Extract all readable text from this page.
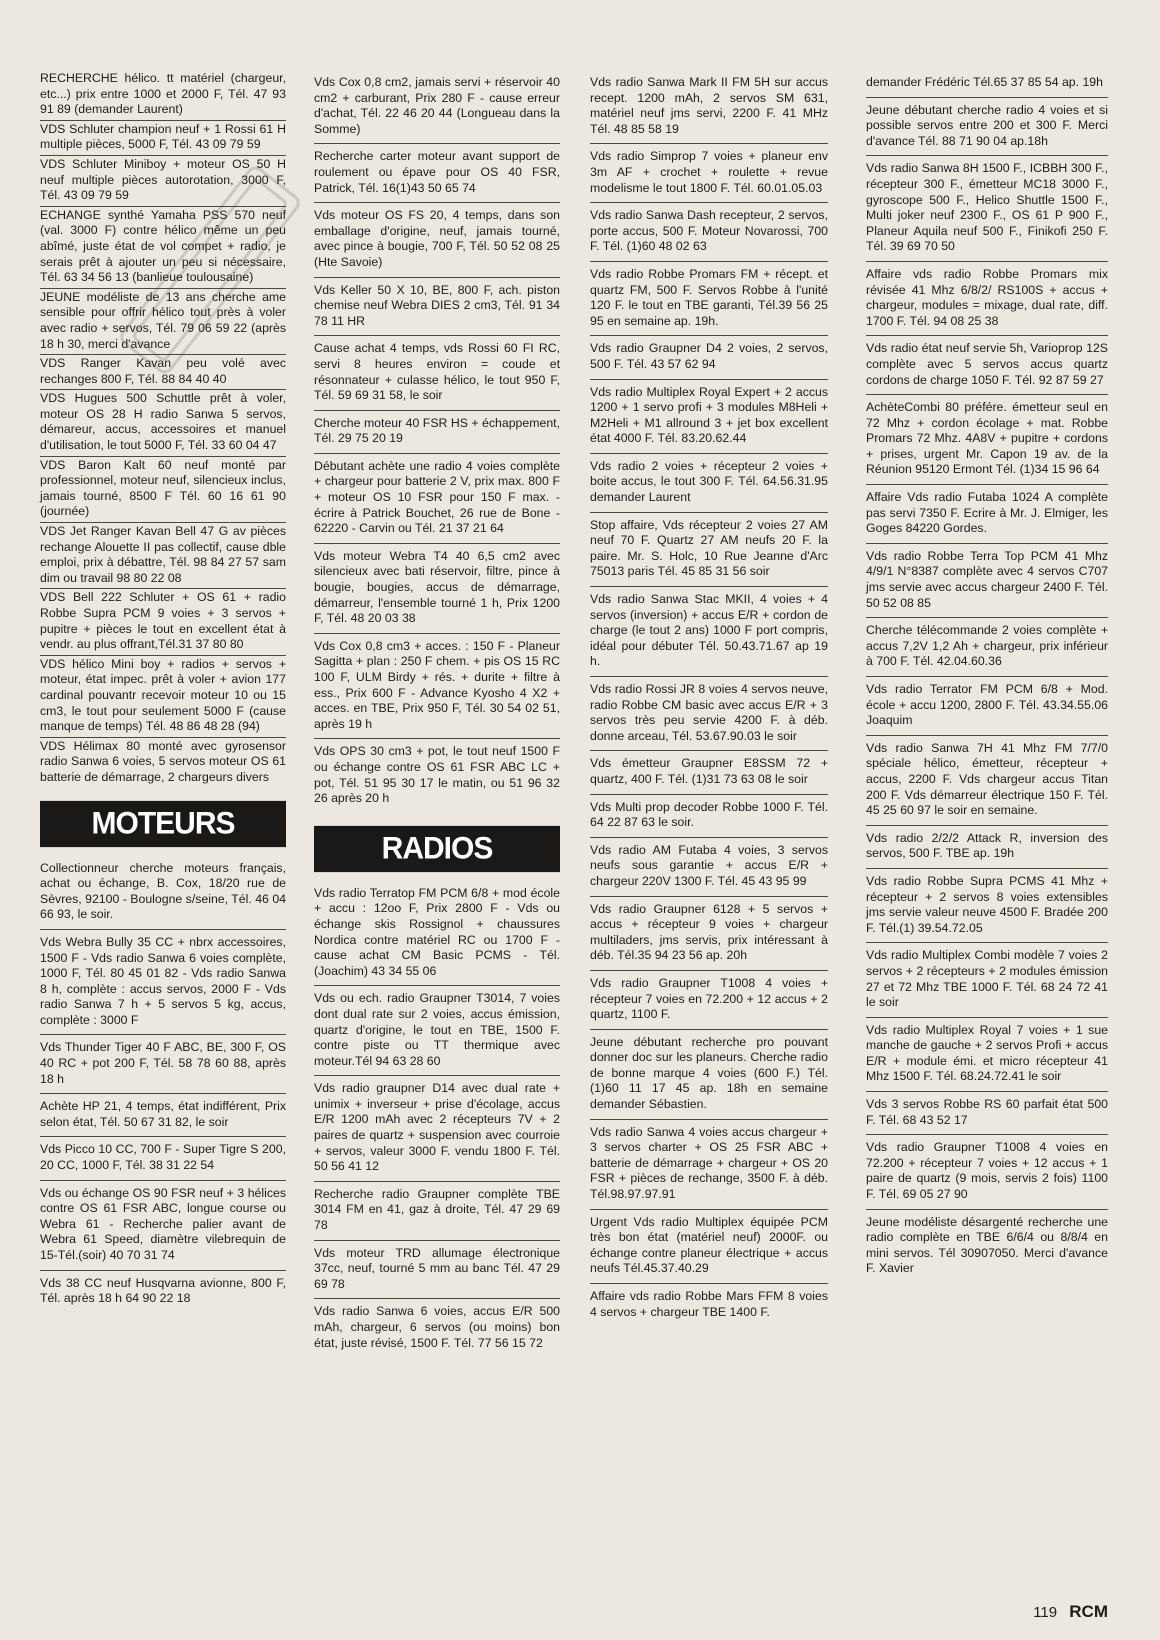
RECHERCHE hélico. tt matériel (chargeur, etc...) prix entre 1000 et 2000 F, Tél. 47 93 91 89 (demander Laurent)
VDS Schluter champion neuf + 1 Rossi 61 H multiple pièces, 5000 F, Tél. 43 09 79 59
VDS Schluter Miniboy + moteur OS 50 H neuf multiple pièces autorotation, 3000 F, Tél. 43 09 79 59
ECHANGE synthé Yamaha PSS 570 neuf (val. 3000 F) contre hélico même un peu abîmé, juste état de vol compet + radio, je serais prêt à ajouter un peu si nécessaire, Tél. 63 34 56 13 (banlieue toulousaine)
JEUNE modéliste de 13 ans cherche ame sensible pour offrir hélico tout près à voler avec radio + servos, Tél. 79 06 59 22 (après 18 h 30, merci d'avance
VDS Ranger Kavan peu volé avec rechanges 800 F, Tél. 88 84 40 40
VDS Hugues 500 Schuttle prêt à voler, moteur OS 28 H radio Sanwa 5 servos, démareur, accus, accessoires et manuel d'utilisation, le tout 5000 F, Tél. 33 60 04 47
VDS Baron Kalt 60 neuf monté par professionnel, moteur neuf, silencieux inclus, jamais tourné, 8500 F Tél. 60 16 61 90 (journée)
VDS Jet Ranger Kavan Bell 47 G av pièces rechange Alouette II pas collectif, cause dble emploi, prix à débattre, Tél. 98 84 27 57 sam dim ou travail 98 80 22 08
VDS Bell 222 Schluter + OS 61 + radio Robbe Supra PCM 9 voies + 3 servos + pupitre + pièces le tout en excellent état à vendr. au plus offrant,Tél.31 37 80 80
VDS hélico Mini boy + radios + servos + moteur, état impec. prêt à voler + avion 177 cardinal pouvantr recevoir moteur 10 ou 15 cm3, le tout pour seulement 5000 F (cause manque de temps) Tél. 48 86 48 28 (94)
VDS Hélimax 80 monté avec gyrosensor radio Sanwa 6 voies, 5 servos moteur OS 61 batterie de démarrage, 2 chargeurs divers
MOTEURS
Collectionneur cherche moteurs français, achat ou échange, B. Cox, 18/20 rue de Sèvres, 92100 - Boulogne s/seine, Tél. 46 04 66 93, le soir.
Vds Webra Bully 35 CC + nbrx accessoires, 1500 F - Vds radio Sanwa 6 voies complète, 1000 F, Tél. 80 45 01 82 - Vds radio Sanwa 8 h, complète : accus servos, 2000 F - Vds radio Sanwa 7 h + 5 servos 5 kg, accus, complète : 3000 F
Vds Thunder Tiger 40 F ABC, BE, 300 F, OS 40 RC + pot 200 F, Tél. 58 78 60 88, après 18 h
Achète HP 21, 4 temps, état indifférent, Prix selon état, Tél. 50 67 31 82, le soir
Vds Picco 10 CC, 700 F - Super Tigre S 200, 20 CC, 1000 F, Tél. 38 31 22 54
Vds ou échange OS 90 FSR neuf + 3 hélices contre OS 61 FSR ABC, longue course ou Webra 61 - Recherche palier avant de Webra 61 Speed, diamètre vilebrequin de 15-Tél.(soir) 40 70 31 74
Vds 38 CC neuf Husqvarna avionne, 800 F, Tél. après 18 h 64 90 22 18
Vds Cox 0,8 cm2, jamais servi + réservoir 40 cm2 + carburant, Prix 280 F - cause erreur d'achat, Tél. 22 46 20 44 (Longueau dans la Somme)
Recherche carter moteur avant support de roulement ou épave pour OS 40 FSR, Patrick, Tél. 16(1)43 50 65 74
Vds moteur OS FS 20, 4 temps, dans son emballage d'origine, neuf, jamais tourné, avec pince à bougie, 700 F, Tél. 50 52 08 25 (Hte Savoie)
Vds Keller 50 X 10, BE, 800 F, ach. piston chemise neuf Webra DIES 2 cm3, Tél. 91 34 78 11 HR
Cause achat 4 temps, vds Rossi 60 FI RC, servi 8 heures environ = coude et résonnateur + culasse hélico, le tout 950 F, Tél. 59 69 31 58, le soir
Cherche moteur 40 FSR HS + échappement, Tél. 29 75 20 19
Débutant achète une radio 4 voies complète + chargeur pour batterie 2 V, prix max. 800 F + moteur OS 10 FSR pour 150 F max. - écrire à Patrick Bouchet, 26 rue de Bone - 62220 - Carvin ou Tél. 21 37 21 64
Vds moteur Webra T4 40 6,5 cm2 avec silencieux avec bati réservoir, filtre, pince à bougie, bougies, accus de démarrage, démarreur, l'ensemble tourné 1 h, Prix 1200 F, Tél. 48 20 03 38
Vds Cox 0,8 cm3 + acces. : 150 F - Planeur Sagitta + plan : 250 F chem. + pis OS 15 RC 100 F, ULM Birdy + rés. + durite + filtre à ess., Prix 600 F - Advance Kyosho 4 X2 + acces. en TBE, Prix 950 F, Tél. 30 54 02 51, après 19 h
Vds OPS 30 cm3 + pot, le tout neuf 1500 F ou échange contre OS 61 FSR ABC LC + pot, Tél. 51 95 30 17 le matin, ou 51 96 32 26 après 20 h
RADIOS
Vds radio Terratop FM PCM 6/8 + mod école + accu : 12oo F, Prix 2800 F - Vds ou échange skis Rossignol + chaussures Nordica contre matériel RC ou 1700 F - cause achat CM Basic PCMS - Tél. (Joachim) 43 34 55 06
Vds ou ech. radio Graupner T3014, 7 voies dont dual rate sur 2 voies, accus émission, quartz d'origine, le tout en TBE, 1500 F. contre piste ou TT thermique avec moteur.Tél 94 63 28 60
Vds radio graupner D14 avec dual rate + unimix + inverseur + prise d'écolage, accus E/R 1200 mAh avec 2 récepteurs 7V + 2 paires de quartz + suspension avec courroie + servos, valeur 3000 F. vendu 1800 F. Tél. 50 56 41 12
Recherche radio Graupner complète TBE 3014 FM en 41, gaz à droite, Tél. 47 29 69 78
Vds moteur TRD allumage électronique 37cc, neuf, tourné 5 mm au banc Tél. 47 29 69 78
Vds radio Sanwa 6 voies, accus E/R 500 mAh, chargeur, 6 servos (ou moins) bon état, juste révisé, 1500 F. Tél. 77 56 15 72
Vds radio Sanwa Mark II FM 5H sur accus recept. 1200 mAh, 2 servos SM 631, matériel neuf jms servi, 2200 F. 41 MHz Tél. 48 85 58 19
Vds radio Simprop 7 voies + planeur env 3m AF + crochet + roulette + revue modelisme le tout 1800 F. Tél. 60.01.05.03
Vds radio Sanwa Dash recepteur, 2 servos, porte accus, 500 F. Moteur Novarossi, 700 F. Tél. (1)60 48 02 63
Vds radio Robbe Promars FM + récept. et quartz FM, 500 F. Servos Robbe à l'unité 120 F. le tout en TBE garanti, Tél.39 56 25 95 en semaine ap. 19h.
Vds radio Graupner D4 2 voies, 2 servos, 500 F. Tél. 43 57 62 94
Vds radio Multiplex Royal Expert + 2 accus 1200 + 1 servo profi + 3 modules M8Heli + M2Heli + M1 allround 3 + jet box excellent état 4000 F. Tél. 83.20.62.44
Vds radio 2 voies + récepteur 2 voies + boite accus, le tout 300 F. Tél. 64.56.31.95 demander Laurent
Stop affaire, Vds récepteur 2 voies 27 AM neuf 70 F. Quartz 27 AM neufs 20 F. la paire. Mr. S. Holc, 10 Rue Jeanne d'Arc 75013 paris Tél. 45 85 31 56 soir
Vds radio Sanwa Stac MKII, 4 voies + 4 servos (inversion) + accus E/R + cordon de charge (le tout 2 ans) 1000 F port compris, idéal pour débuter Tél. 50.43.71.67 ap 19 h.
Vds radio Rossi JR 8 voies 4 servos neuve, radio Robbe CM basic avec accus E/R + 3 servos très peu servie 4200 F. à déb. donne arceau, Tél. 53.67.90.03 le soir
Vds émetteur Graupner E8SSM 72 + quartz, 400 F. Tél. (1)31 73 63 08 le soir
Vds Multi prop decoder Robbe 1000 F. Tél. 64 22 87 63 le soir.
Vds radio AM Futaba 4 voies, 3 servos neufs sous garantie + accus E/R + chargeur 220V 1300 F. Tél. 45 43 95 99
Vds radio Graupner 6128 + 5 servos + accus + récepteur 9 voies + chargeur multiladers, jms servis, prix intéressant à déb. Tél.35 94 23 56 ap. 20h
Vds radio Graupner T1008 4 voies + récepteur 7 voies en 72.200 + 12 accus + 2 quartz, 1100 F.
Jeune débutant recherche pro pouvant donner doc sur les planeurs. Cherche radio de bonne marque 4 voies (600 F.) Tél. (1)60 11 17 45 ap. 18h en semaine demander Sébastien.
Vds radio Sanwa 4 voies accus chargeur + 3 servos charter + OS 25 FSR ABC + batterie de démarrage + chargeur + OS 20 FSR + pièces de rechange, 3500 F. à déb. Tél.98.97.97.91
Urgent Vds radio Multiplex équipée PCM très bon état (matériel neuf) 2000F. ou échange contre planeur électrique + accus neufs Tél.45.37.40.29
Affaire vds radio Robbe Mars FFM 8 voies 4 servos + chargeur TBE 1400 F.
demander Frédéric Tél.65 37 85 54 ap. 19h
Jeune débutant cherche radio 4 voies et si possible servos entre 200 et 300 F. Merci d'avance Tél. 88 71 90 04 ap.18h
Vds radio Sanwa 8H 1500 F., ICBBH 300 F., récepteur 300 F., émetteur MC18 3000 F., gyroscope 500 F., Helico Shuttle 1500 F., Multi joker neuf 2300 F., OS 61 P 900 F., Planeur Aquila neuf 500 F., Finikofi 250 F. Tél. 39 69 70 50
Affaire vds radio Robbe Promars mix révisée 41 Mhz 6/8/2/ RS100S + accus + chargeur, modules = mixage, dual rate, diff. 1700 F. Tél. 94 08 25 38
Vds radio état neuf servie 5h, Varioprop 12S complète avec 5 servos accus quartz cordons de charge 1050 F. Tél. 92 87 59 27
AchèteCombi 80 préfére. émetteur seul en 72 Mhz + cordon écolage + mat. Robbe Promars 72 Mhz. 4A8V + pupitre + cordons + prises, urgent Mr. Capon 19 av. de la Réunion 95120 Ermont Tél. (1)34 15 96 64
Affaire Vds radio Futaba 1024 A complète pas servi 7350 F. Ecrire à Mr. J. Elmiger, les Goges 84220 Gordes.
Vds radio Robbe Terra Top PCM 41 Mhz 4/9/1 N°8387 complète avec 4 servos C707 jms servie avec accus chargeur 2400 F. Tél. 50 52 08 85
Cherche télécommande 2 voies complète + accus 7,2V 1,2 Ah + chargeur, prix inférieur à 700 F. Tél. 42.04.60.36
Vds radio Terrator FM PCM 6/8 + Mod. école + accu 1200, 2800 F. Tél. 43.34.55.06 Joaquim
Vds radio Sanwa 7H 41 Mhz FM 7/7/0 spéciale hélico, émetteur, récepteur + accus, 2200 F. Vds chargeur accus Titan 200 F. Vds démarreur électrique 150 F. Tél. 45 25 60 97 le soir en semaine.
Vds radio 2/2/2 Attack R, inversion des servos, 500 F. TBE ap. 19h
Vds radio Robbe Supra PCMS 41 Mhz + récepteur + 2 servos 8 voies extensibles jms servie valeur neuve 4500 F. Bradée 200 F. Tél.(1) 39.54.72.05
Vds radio Multiplex Combi modèle 7 voies 2 servos + 2 récepteurs + 2 modules émission 27 et 72 Mhz TBE 1000 F. Tél. 68 24 72 41 le soir
Vds radio Multiplex Royal 7 voies + 1 sue manche de gauche + 2 servos Profi + accus E/R + module émi. et micro récepteur 41 Mhz 1500 F. Tél. 68.24.72.41 le soir
Vds 3 servos Robbe RS 60 parfait état 500 F. Tél. 68 43 52 17
Vds radio Graupner T1008 4 voies en 72.200 + récepteur 7 voies + 12 accus + 1 paire de quartz (9 mois, servis 2 fois) 1100 F. Tél. 69 05 27 90
Jeune modéliste désargenté recherche une radio complète en TBE 6/6/4 ou 8/8/4 en mini servos. Tél 30907050. Merci d'avance F. Xavier
119 RCM
